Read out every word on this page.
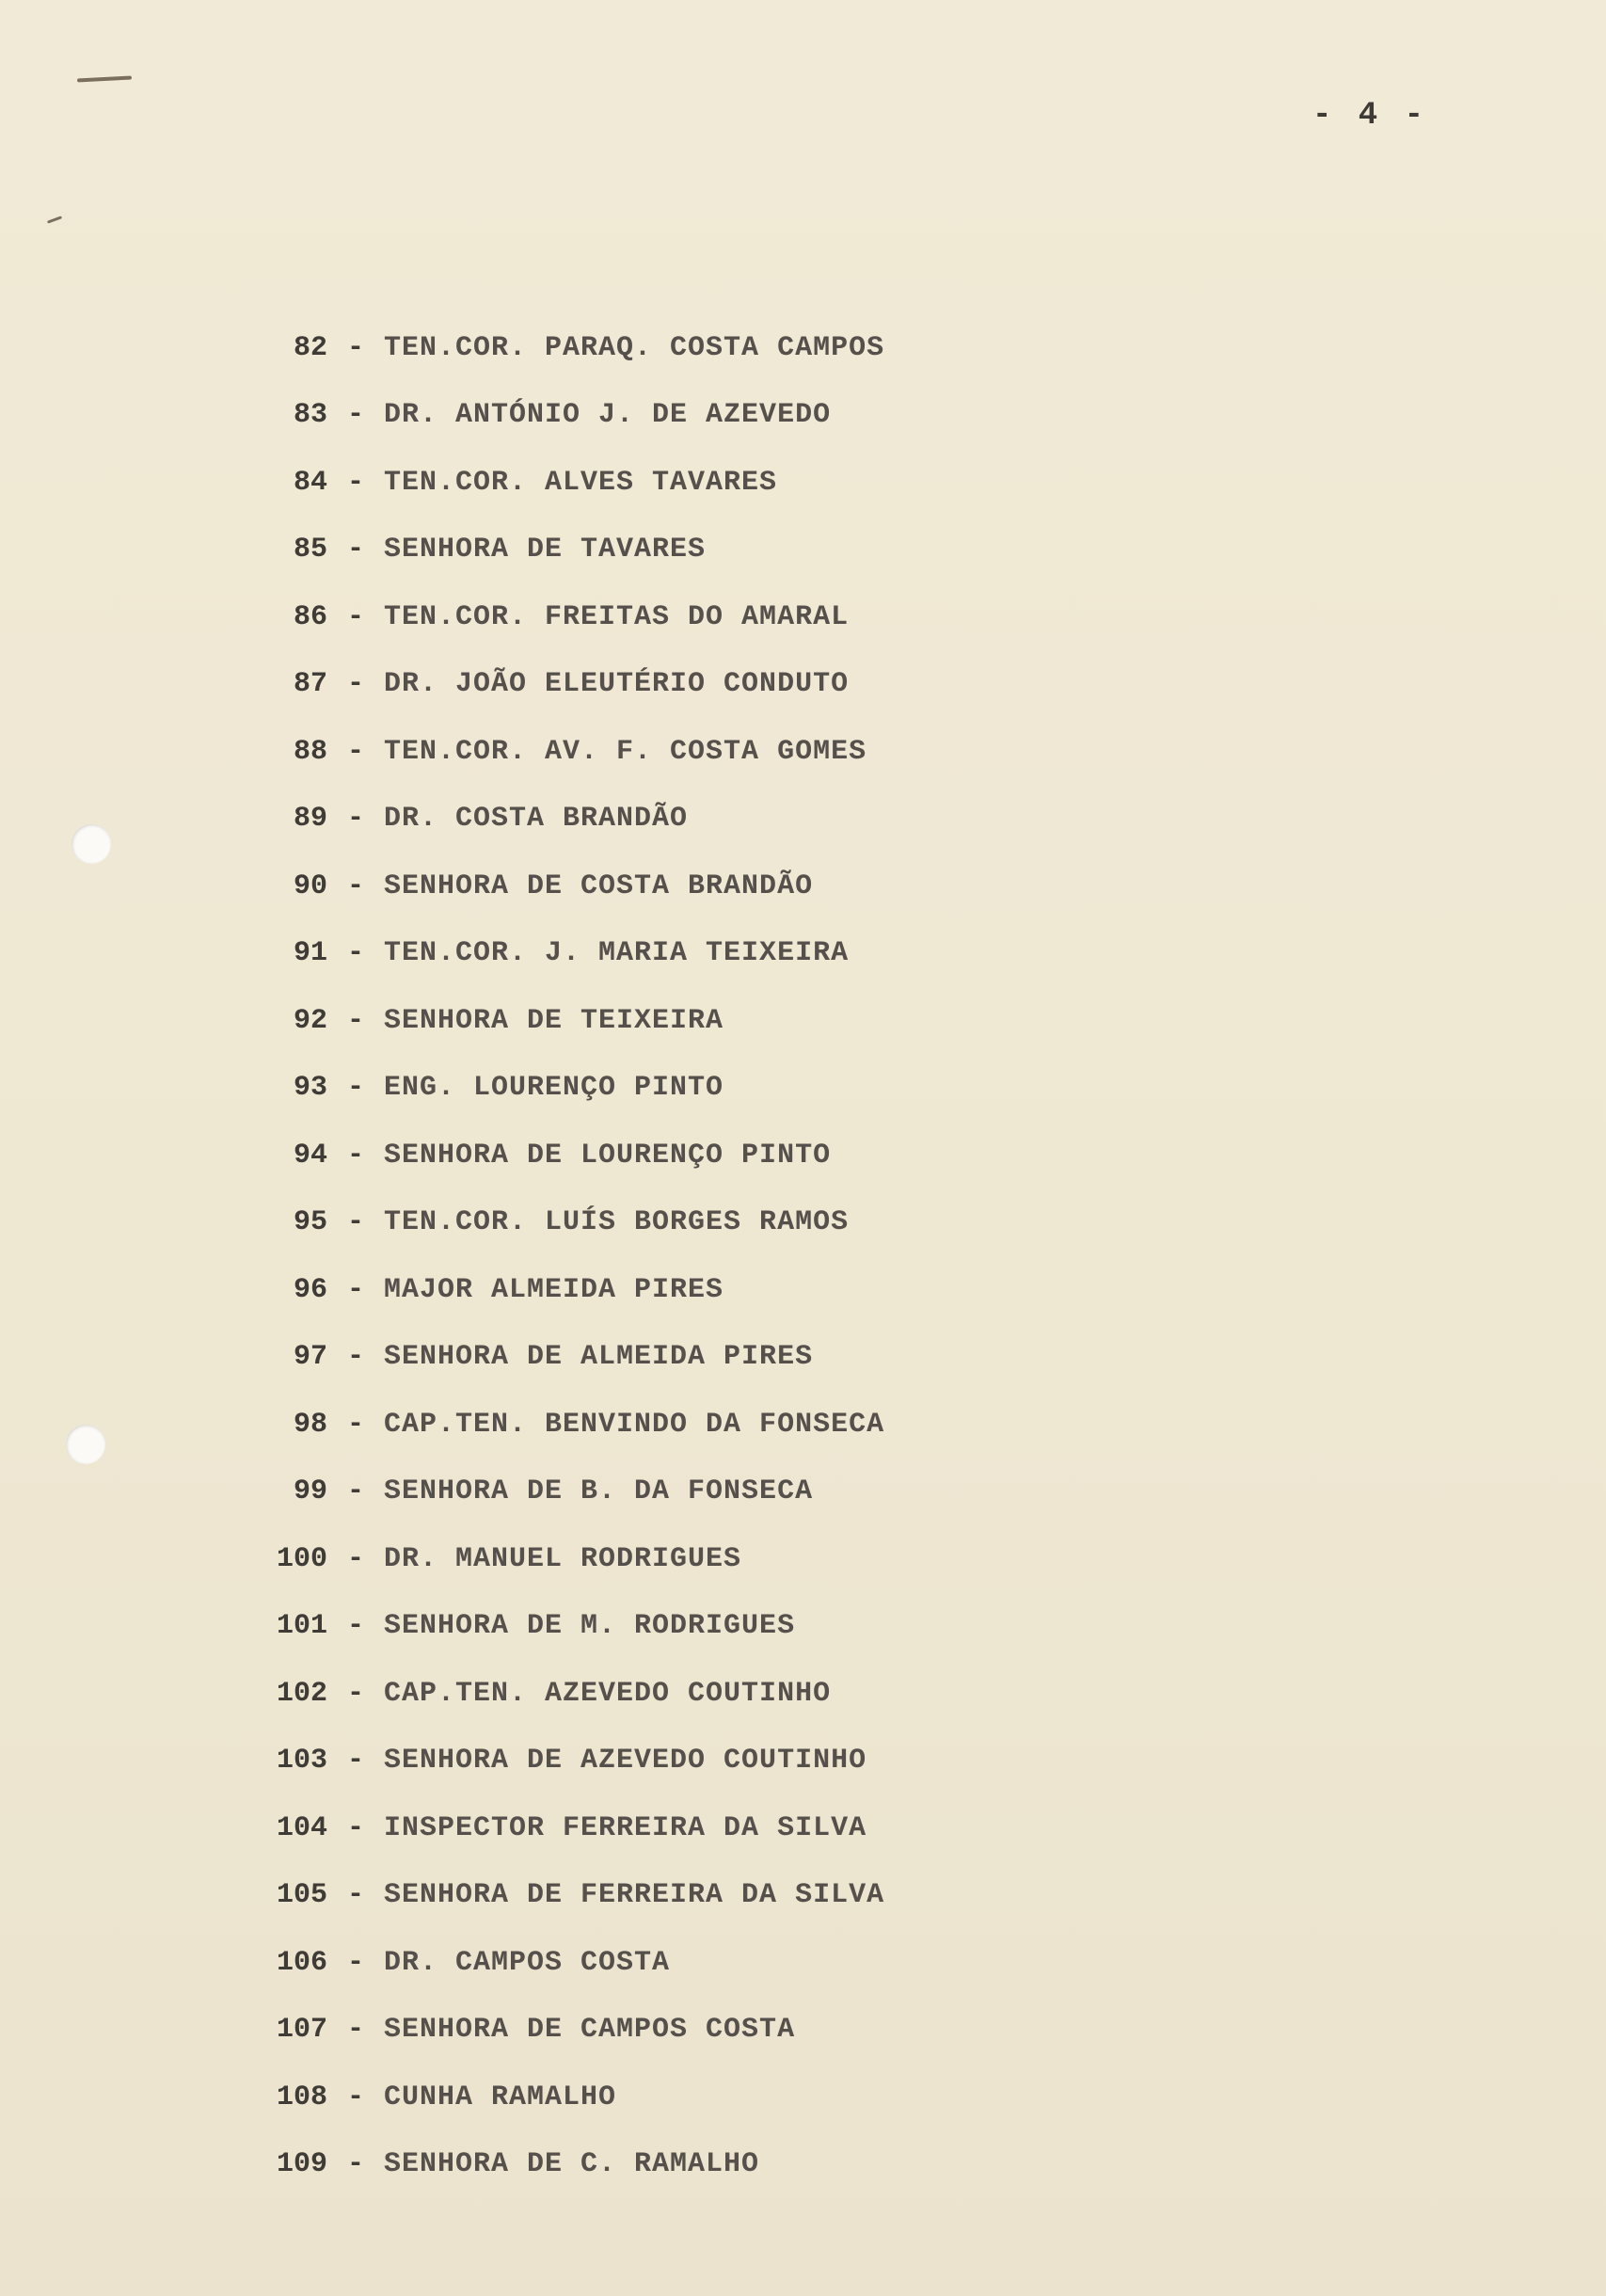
- 4 -
82 - TEN.COR. PARAQ. COSTA CAMPOS
83 - DR. ANTÓNIO J. DE AZEVEDO
84 - TEN.COR. ALVES TAVARES
85 - SENHORA DE TAVARES
86 - TEN.COR. FREITAS DO AMARAL
87 - DR. JOÃO ELEUTÉRIO CONDUTO
88 - TEN.COR. AV. F. COSTA GOMES
89 - DR. COSTA BRANDÃO
90 - SENHORA DE COSTA BRANDÃO
91 - TEN.COR. J. MARIA TEIXEIRA
92 - SENHORA DE TEIXEIRA
93 - ENG. LOURENÇO PINTO
94 - SENHORA DE LOURENÇO PINTO
95 - TEN.COR. LUÍS BORGES RAMOS
96 - MAJOR ALMEIDA PIRES
97 - SENHORA DE ALMEIDA PIRES
98 - CAP.TEN. BENVINDO DA FONSECA
99 - SENHORA DE B. DA FONSECA
100 - DR. MANUEL RODRIGUES
101 - SENHORA DE M. RODRIGUES
102 - CAP.TEN. AZEVEDO COUTINHO
103 - SENHORA DE AZEVEDO COUTINHO
104 - INSPECTOR FERREIRA DA SILVA
105 - SENHORA DE FERREIRA DA SILVA
106 - DR. CAMPOS COSTA
107 - SENHORA DE CAMPOS COSTA
108 - CUNHA RAMALHO
109 - SENHORA DE C. RAMALHO
